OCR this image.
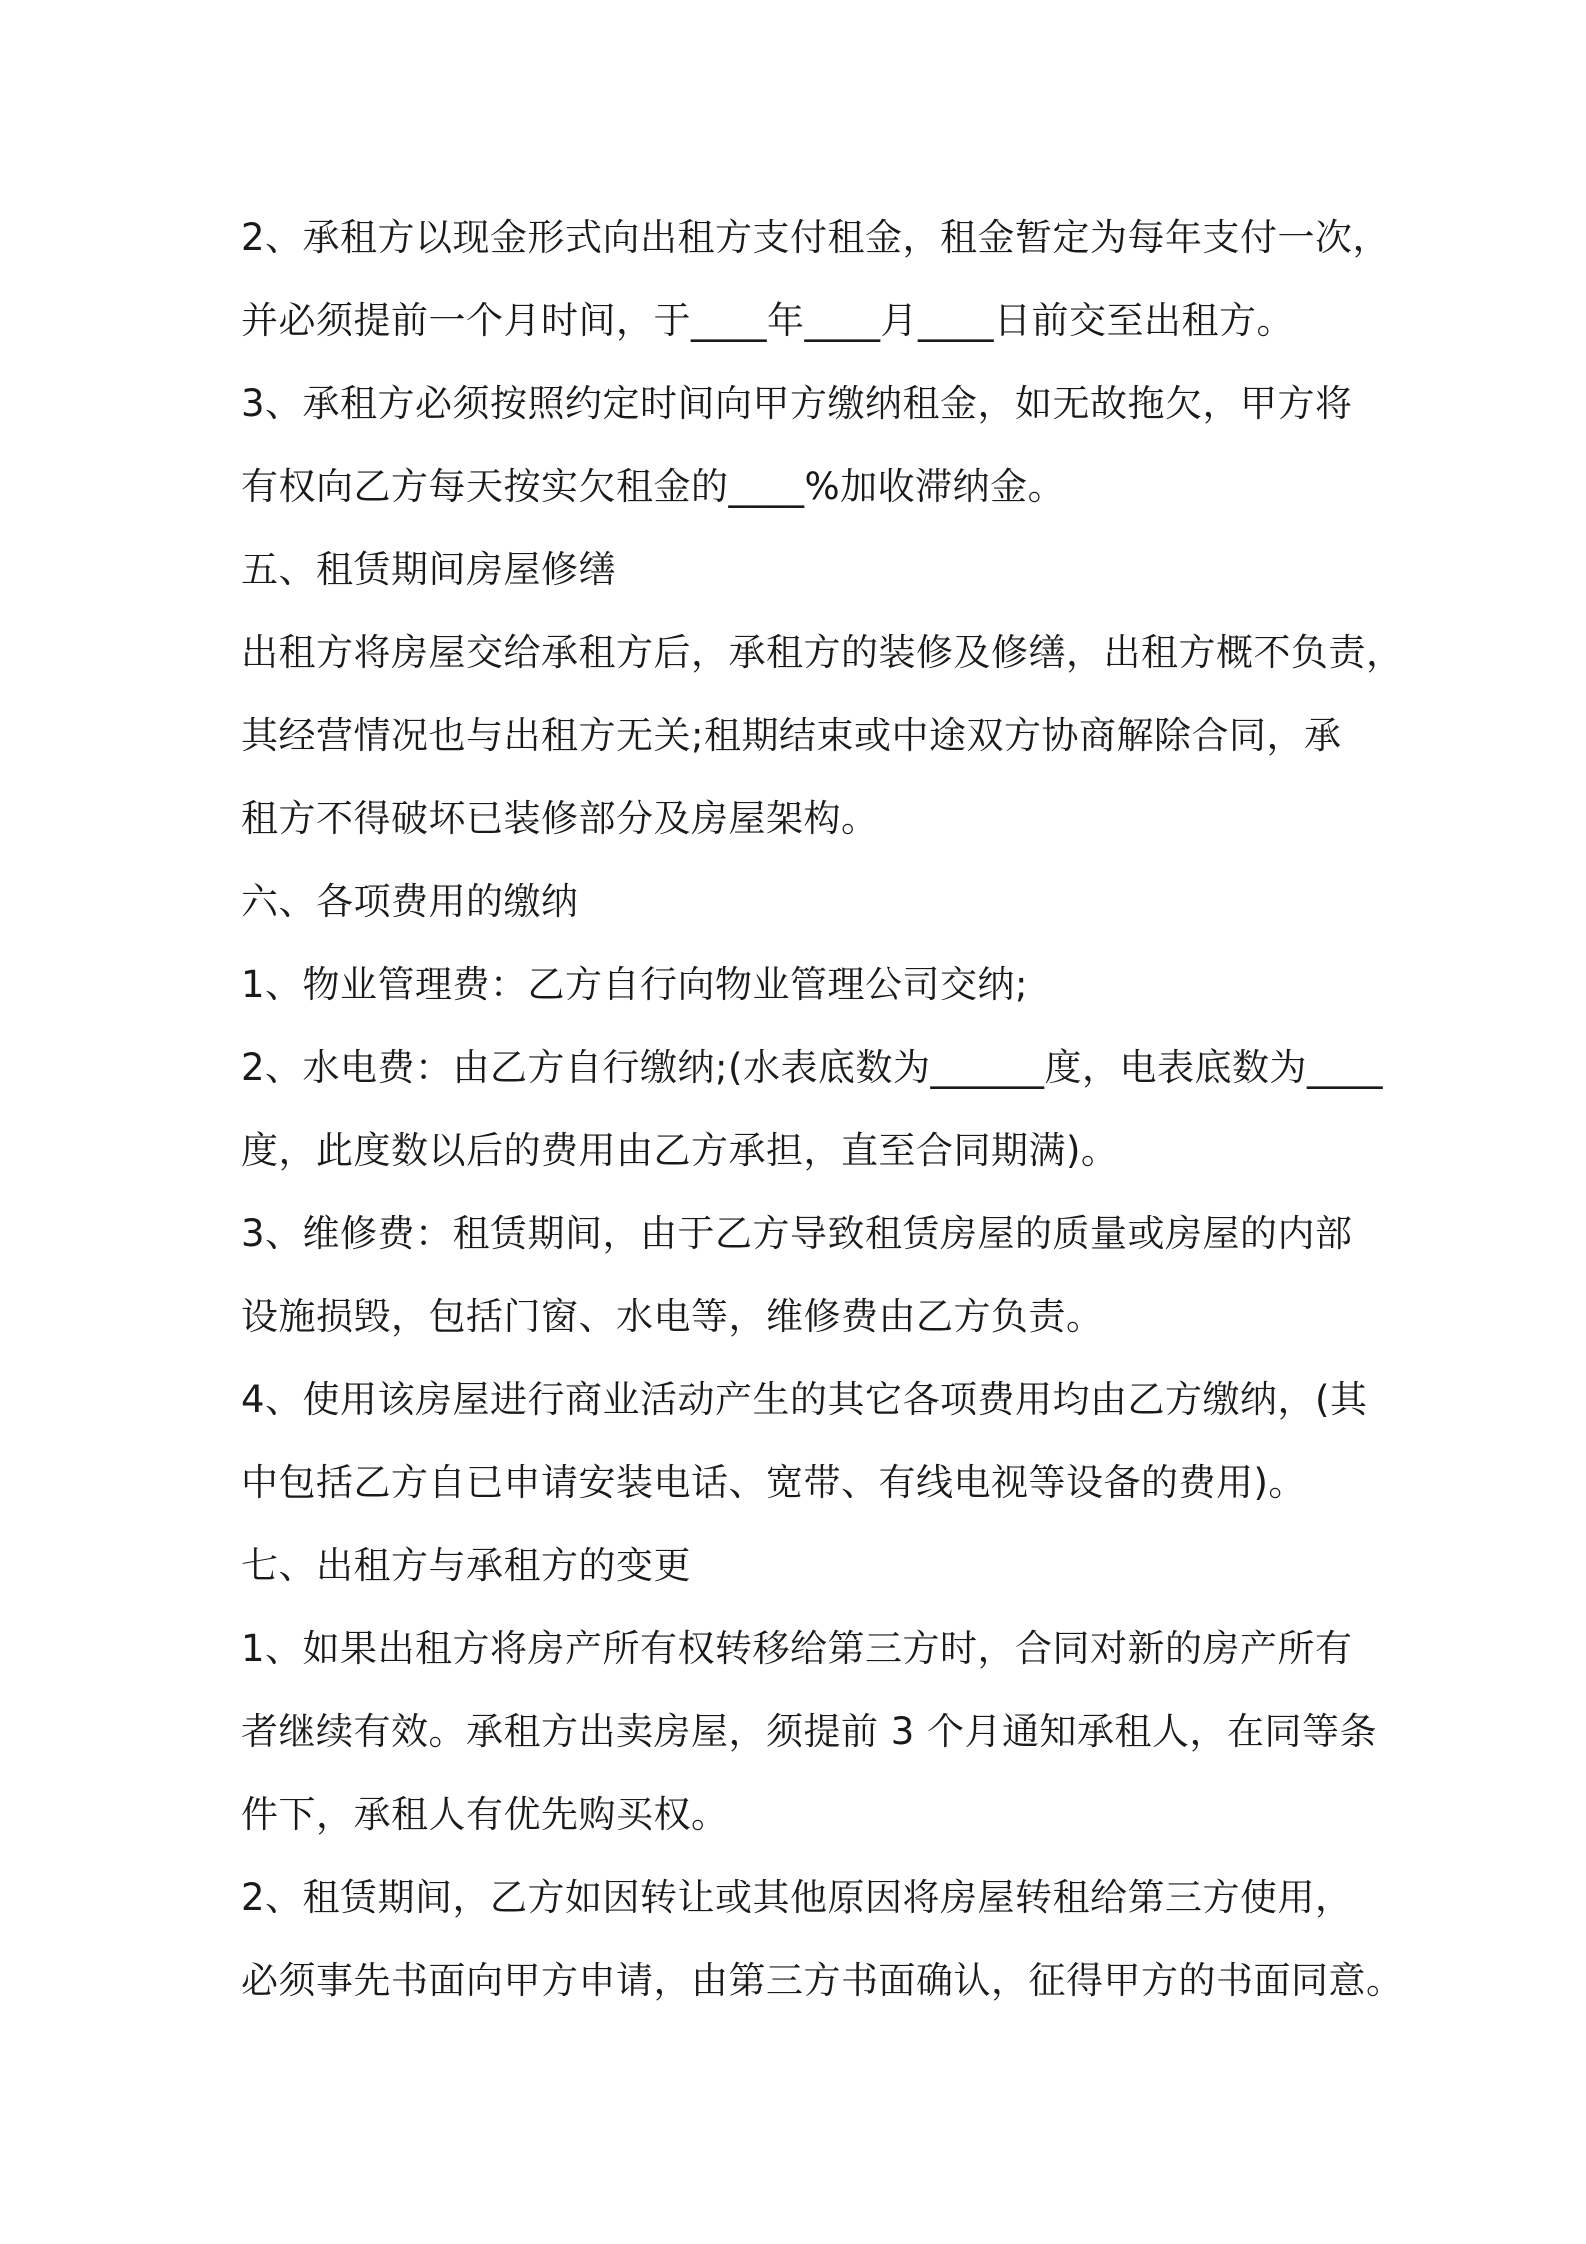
2、承租方以现金形式向出租方支付租金，租金暂定为每年支付一次，
并必须提前一个月时间，于____年____月____日前交至出租方。
3、承租方必须按照约定时间向甲方缴纳租金，如无故拖欠，甲方将
有权向乙方每天按实欠租金的____%加收滞纳金。
五、租赁期间房屋修缮
出租方将房屋交给承租方后，承租方的装修及修缮，出租方概不负责，
其经营情况也与出租方无关;租期结束或中途双方协商解除合同，承
租方不得破坏已装修部分及房屋架构。
六、各项费用的缴纳
1、物业管理费：乙方自行向物业管理公司交纳;
2、水电费：由乙方自行缴纳;(水表底数为______度，电表底数为____
度，此度数以后的费用由乙方承担，直至合同期满)。
3、维修费：租赁期间，由于乙方导致租赁房屋的质量或房屋的内部
设施损毁，包括门窗、水电等，维修费由乙方负责。
4、使用该房屋进行商业活动产生的其它各项费用均由乙方缴纳，(其
中包括乙方自已申请安装电话、宽带、有线电视等设备的费用)。
七、出租方与承租方的变更
1、如果出租方将房产所有权转移给第三方时，合同对新的房产所有
者继续有效。承租方出卖房屋，须提前 3 个月通知承租人，在同等条
件下，承租人有优先购买权。
2、租赁期间，乙方如因转让或其他原因将房屋转租给第三方使用，
必须事先书面向甲方申请，由第三方书面确认，征得甲方的书面同意。
